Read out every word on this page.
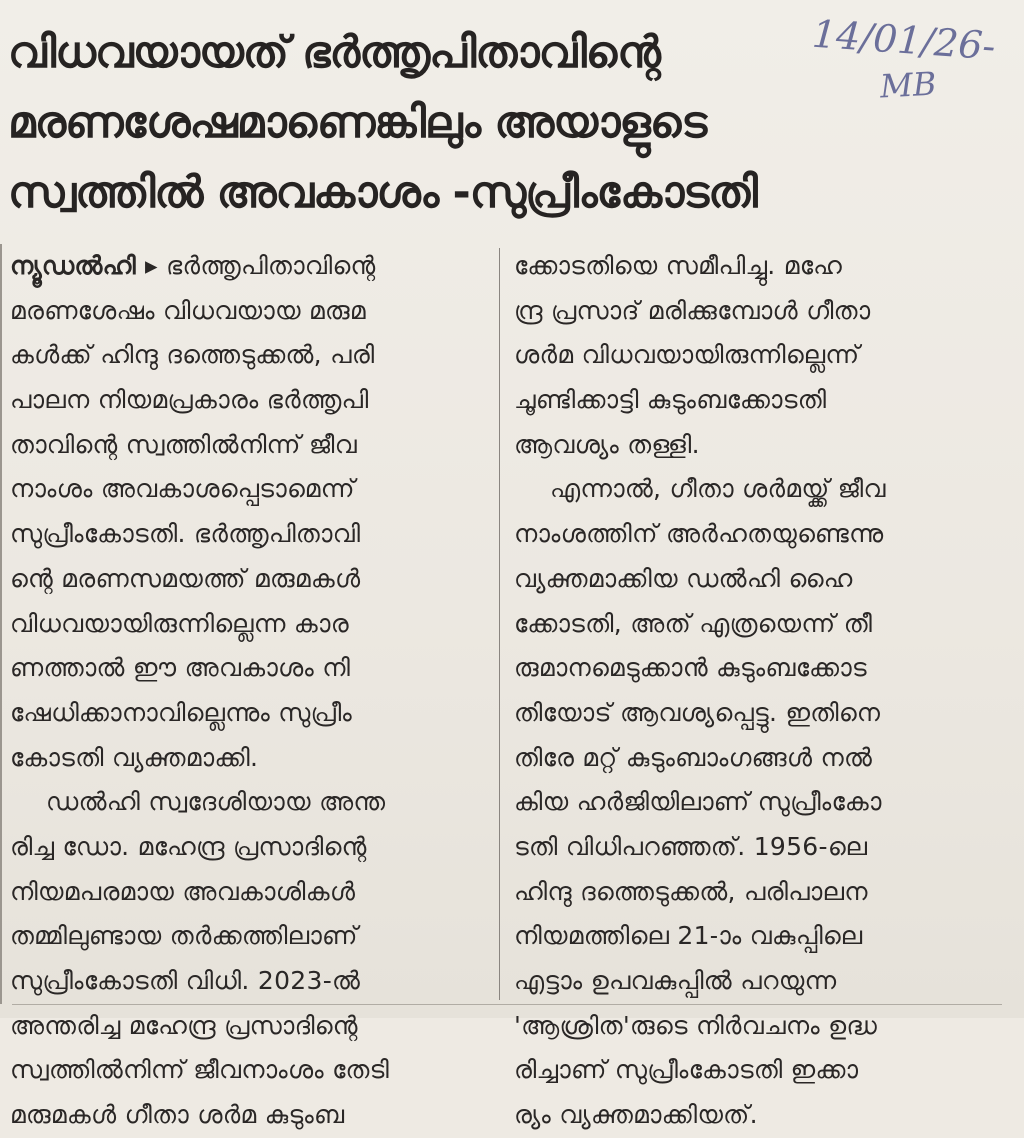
വിധവയായത് ഭർത്തൃപിതാവിന്റെ
മരണശേഷമാണെങ്കിലും അയാളുടെ
സ്വത്തിൽ അവകാശം -സുപ്രീംകോടതി
14/01/26-
MB
ന്യൂഡൽഹി ▸ ഭർത്തൃപിതാവിന്റെ
മരണശേഷം വിധവയായ മരുമ
കൾക്ക് ഹിന്ദു ദത്തെടുക്കൽ, പരി
പാലന നിയമപ്രകാരം ഭർത്തൃപി
താവിന്റെ സ്വത്തിൽനിന്ന് ജീവ
നാംശം അവകാശപ്പെടാമെന്ന്
സുപ്രീംകോടതി. ഭർത്തൃപിതാവി
ന്റെ മരണസമയത്ത് മരുമകൾ
വിധവയായിരുന്നില്ലെന്ന കാര
ണത്താൽ ഈ അവകാശം നി
ഷേധിക്കാനാവില്ലെന്നും സുപ്രീം
കോടതി വ്യക്തമാക്കി.
ഡൽഹി സ്വദേശിയായ അന്ത
രിച്ച ഡോ. മഹേന്ദ്ര പ്രസാദിന്റെ
നിയമപരമായ അവകാശികൾ
തമ്മിലുണ്ടായ തർക്കത്തിലാണ്
സുപ്രീംകോടതി വിധി. 2023-ൽ
അന്തരിച്ച മഹേന്ദ്ര പ്രസാദിന്റെ
സ്വത്തിൽനിന്ന് ജീവനാംശം തേടി
മരുമകൾ ഗീതാ ശർമ കുടുംബ
ക്കോടതിയെ സമീപിച്ചു. മഹേ
ന്ദ്ര പ്രസാദ് മരിക്കുമ്പോൾ ഗീതാ
ശർമ വിധവയായിരുന്നില്ലെന്ന്
ചൂണ്ടിക്കാട്ടി കുടുംബക്കോടതി
ആവശ്യം തള്ളി.
എന്നാൽ, ഗീതാ ശർമയ്ക്ക് ജീവ
നാംശത്തിന് അർഹതയുണ്ടെന്നു
വ്യക്തമാക്കിയ ഡൽഹി ഹൈ
ക്കോടതി, അത് എത്രയെന്ന് തീ
രുമാനമെടുക്കാൻ കുടുംബക്കോട
തിയോട് ആവശ്യപ്പെട്ടു. ഇതിനെ
തിരേ മറ്റ് കുടുംബാംഗങ്ങൾ നൽ
കിയ ഹർജിയിലാണ് സുപ്രീംകോ
ടതി വിധിപറഞ്ഞത്. 1956-ലെ
ഹിന്ദു ദത്തെടുക്കൽ, പരിപാലന
നിയമത്തിലെ 21-ാം വകുപ്പിലെ
എട്ടാം ഉപവകുപ്പിൽ പറയുന്ന
'ആശ്രിത'രുടെ നിർവചനം ഉദ്ധ
രിച്ചാണ് സുപ്രീംകോടതി ഇക്കാ
ര്യം വ്യക്തമാക്കിയത്.
